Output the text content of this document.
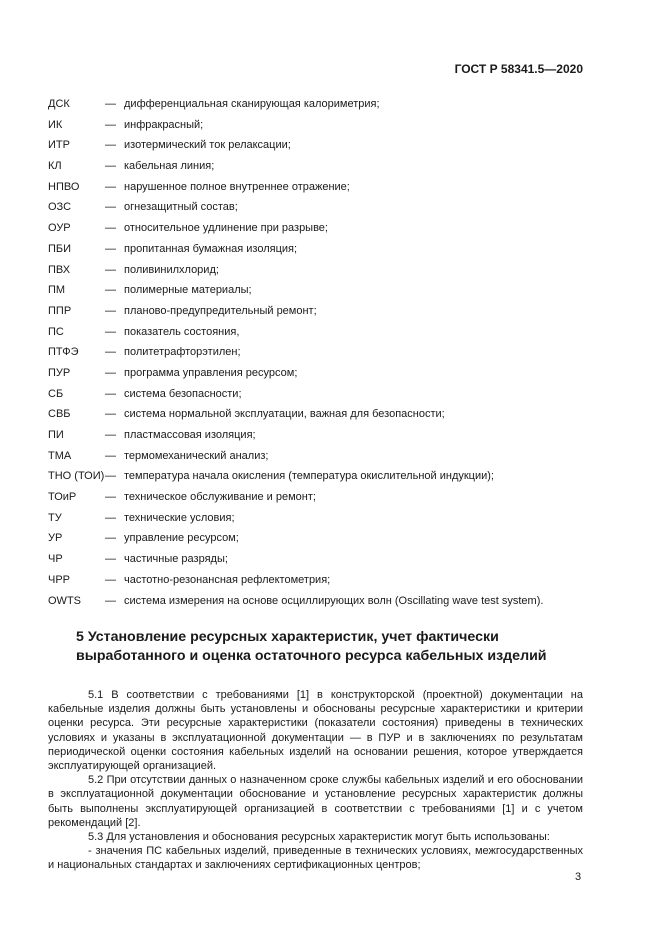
ГОСТ Р 58341.5—2020
ДСК	— дифференциальная сканирующая калориметрия;
ИК	— инфракрасный;
ИТР	— изотермический ток релаксации;
КЛ	— кабельная линия;
НПВО — нарушенное полное внутреннее отражение;
ОЗС	— огнезащитный состав;
ОУР	— относительное удлинение при разрыве;
ПБИ	— пропитанная бумажная изоляция;
ПВХ	— поливинилхлорид;
ПМ	— полимерные материалы;
ППР	— планово-предупредительный ремонт;
ПС	— показатель состояния,
ПТФЭ — политетрафторэтилен;
ПУР	— программа управления ресурсом;
СБ	— система безопасности;
СВБ	— система нормальной эксплуатации, важная для безопасности;
ПИ	— пластмассовая изоляция;
ТМА	— термомеханический анализ;
ТНО (ТОИ) — температура начала окисления (температура окислительной индукции);
ТОиР	— техническое обслуживание и ремонт;
ТУ	— технические условия;
УР	— управление ресурсом;
ЧР	— частичные разряды;
ЧРР	— частотно-резонансная рефлектометрия;
OWTS — система измерения на основе осциллирующих волн (Oscillating wave test system).
5 Установление ресурсных характеристик, учет фактически выработанного и оценка остаточного ресурса кабельных изделий

5.1 В соответствии с требованиями [1] в конструкторской (проектной) документации на кабельные изделия должны быть установлены и обоснованы ресурсные характеристики и критерии оценки ресурса. Эти ресурсные характеристики (показатели состояния) приведены в технических условиях и указаны в эксплуатационной документации — в ПУР и в заключениях по результатам периодической оценки состояния кабельных изделий на основании решения, которое утверждается эксплуатирующей организацией.

5.2 При отсутствии данных о назначенном сроке службы кабельных изделий и его обосновании в эксплуатационной документации обоснование и установление ресурсных характеристик должны быть выполнены эксплуатирующей организацией в соответствии с требованиями [1] и с учетом рекомендаций [2].

5.3 Для установления и обоснования ресурсных характеристик могут быть использованы:

- значения ПС кабельных изделий, приведенные в технических условиях, межгосударственных и национальных стандартах и заключениях сертификационных центров;

3
